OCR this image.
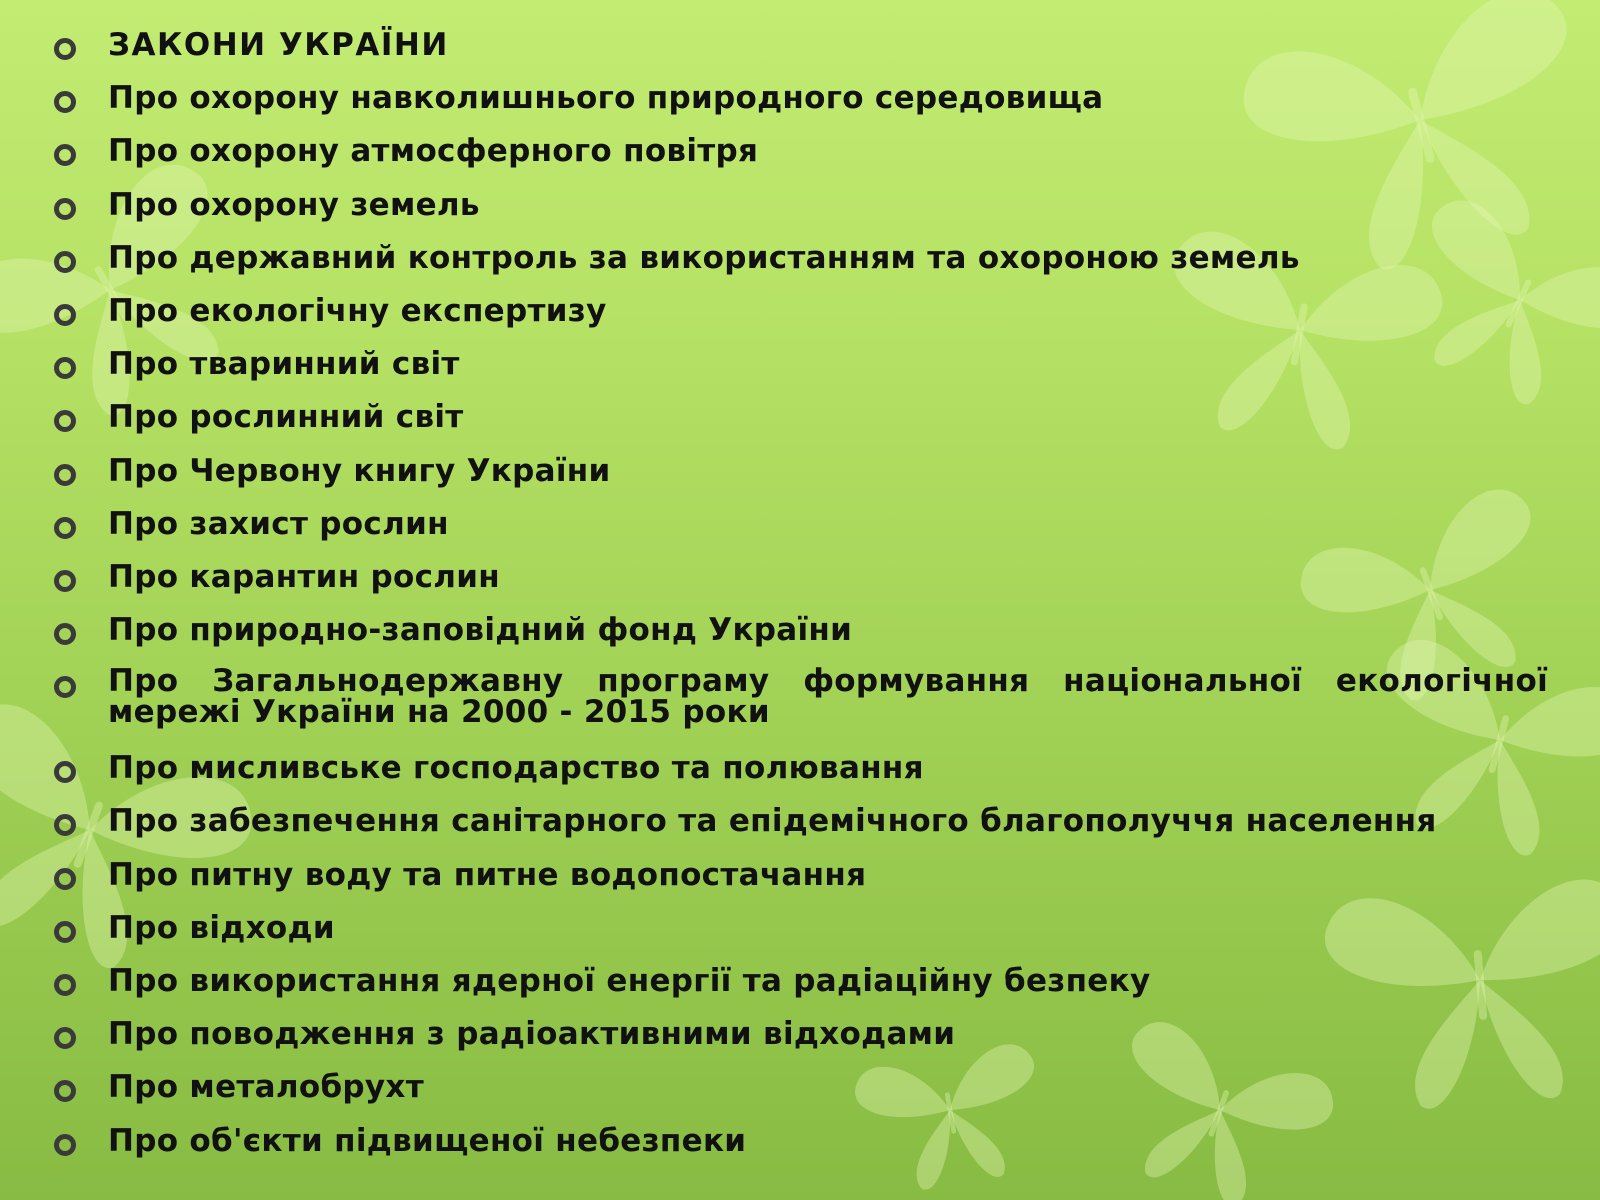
ЗАКОНИ УКРАЇНИ
Про охорону навколишнього природного середовища
Про охорону атмосферного повітря
Про охорону земель
Про державний контроль за використанням та охороною земель
Про екологічну експертизу
Про тваринний світ
Про рослинний світ
Про Червону книгу України
Про захист рослин
Про карантин рослин
Про природно-заповідний фонд України
Про Загальнодержавну програму формування національної екологічної мережі України на 2000 - 2015 роки
Про мисливське господарство та полювання
Про забезпечення санітарного та епідемічного благополуччя населення
Про питну воду та питне водопостачання
Про відходи
Про використання ядерної енергії та радіаційну безпеку
Про поводження з радіоактивними відходами
Про металобрухт
Про об'єкти підвищеної небезпеки
